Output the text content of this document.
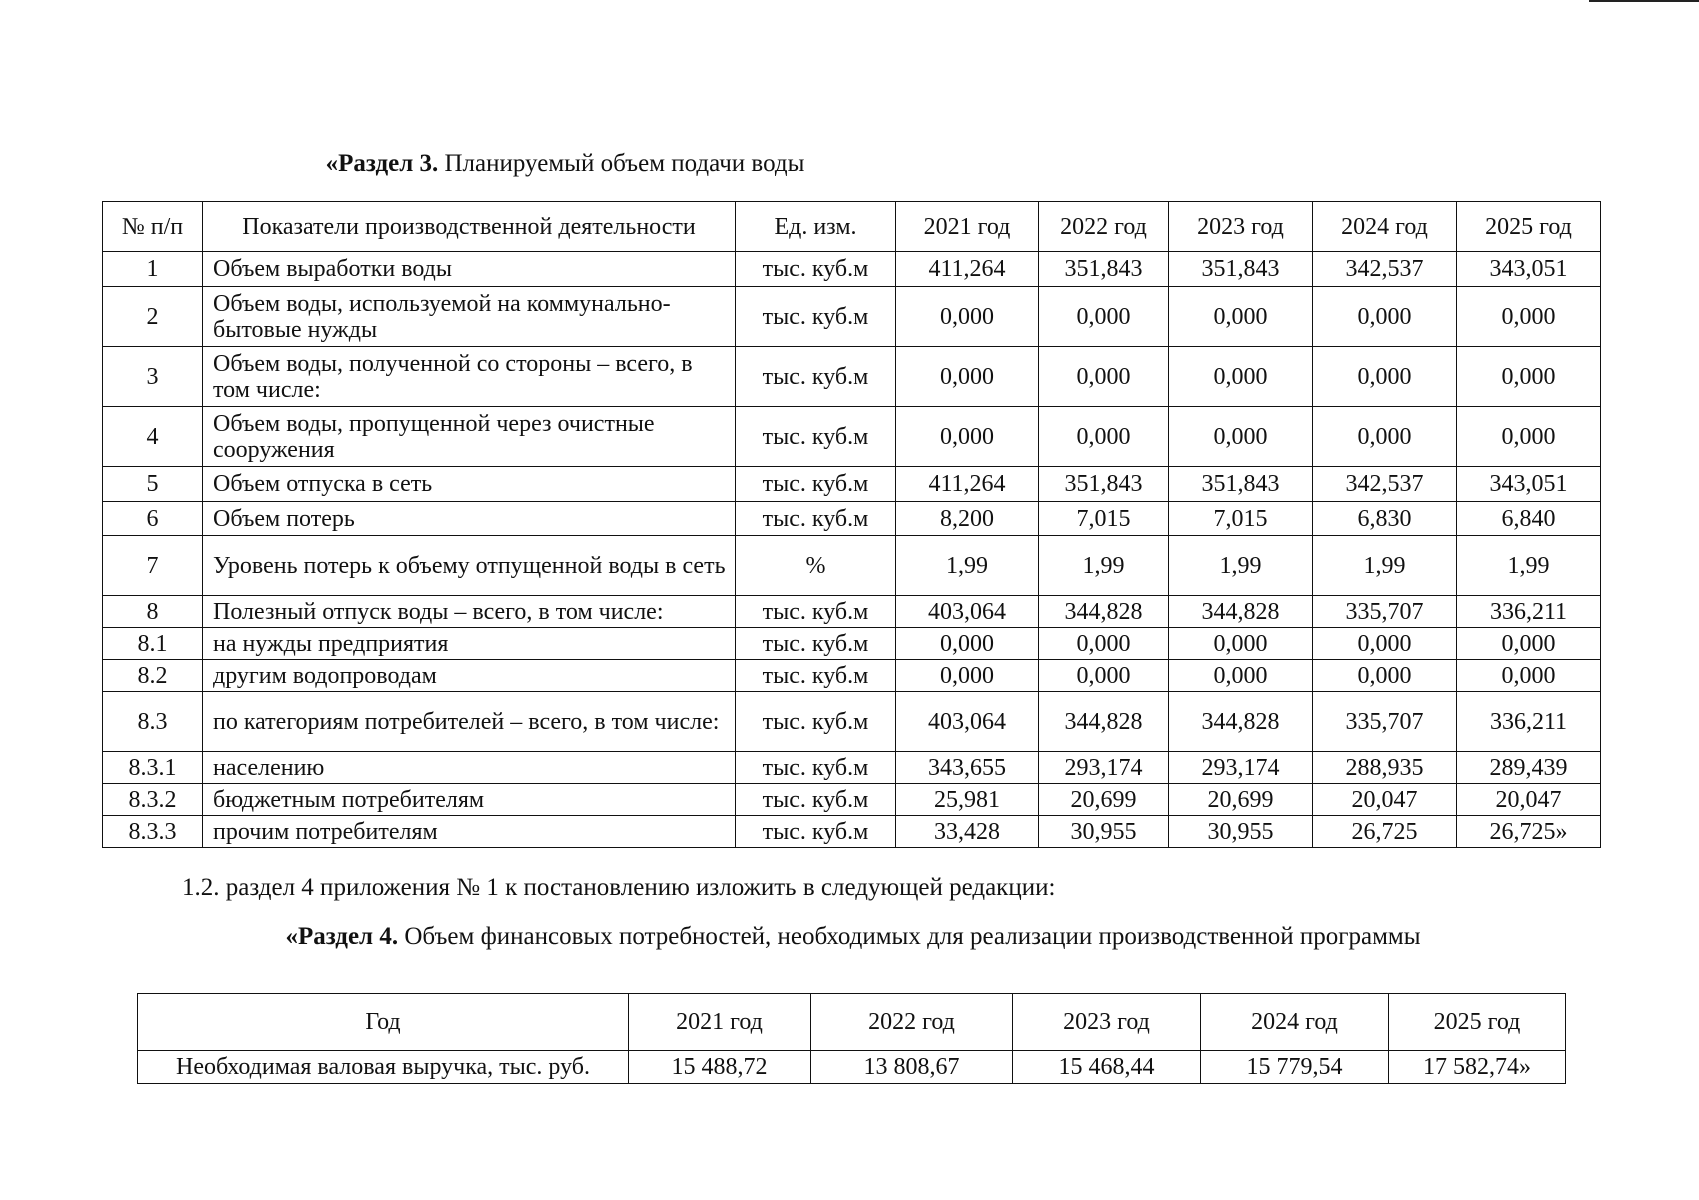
«Раздел 3. Планируемый объем подачи воды
№ п/п	Показатели производственной деятельности	Ед. изм.	2021 год	2022 год	2023 год	2024 год	2025 год
1	Объем выработки воды	тыс. куб.м	411,264	351,843	351,843	342,537	343,051
2	Объем воды, используемой на коммунально-бытовые нужды	тыс. куб.м	0,000	0,000	0,000	0,000	0,000
3	Объем воды, полученной со стороны – всего, в том числе:	тыс. куб.м	0,000	0,000	0,000	0,000	0,000
4	Объем воды, пропущенной через очистные сооружения	тыс. куб.м	0,000	0,000	0,000	0,000	0,000
5	Объем отпуска в сеть	тыс. куб.м	411,264	351,843	351,843	342,537	343,051
6	Объем потерь	тыс. куб.м	8,200	7,015	7,015	6,830	6,840
7	Уровень потерь к объему отпущенной воды в сеть	%	1,99	1,99	1,99	1,99	1,99
8	Полезный отпуск воды – всего, в том числе:	тыс. куб.м	403,064	344,828	344,828	335,707	336,211
8.1	на нужды предприятия	тыс. куб.м	0,000	0,000	0,000	0,000	0,000
8.2	другим водопроводам	тыс. куб.м	0,000	0,000	0,000	0,000	0,000
8.3	по категориям потребителей – всего, в том числе:	тыс. куб.м	403,064	344,828	344,828	335,707	336,211
8.3.1	населению	тыс. куб.м	343,655	293,174	293,174	288,935	289,439
8.3.2	бюджетным потребителям	тыс. куб.м	25,981	20,699	20,699	20,047	20,047
8.3.3	прочим потребителям	тыс. куб.м	33,428	30,955	30,955	26,725	26,725»
1.2. раздел 4 приложения № 1 к постановлению изложить в следующей редакции:
«Раздел 4. Объем финансовых потребностей, необходимых для реализации производственной программы
Год	2021 год	2022 год	2023 год	2024 год	2025 год
Необходимая валовая выручка, тыс. руб.	15 488,72	13 808,67	15 468,44	15 779,54	17 582,74»
